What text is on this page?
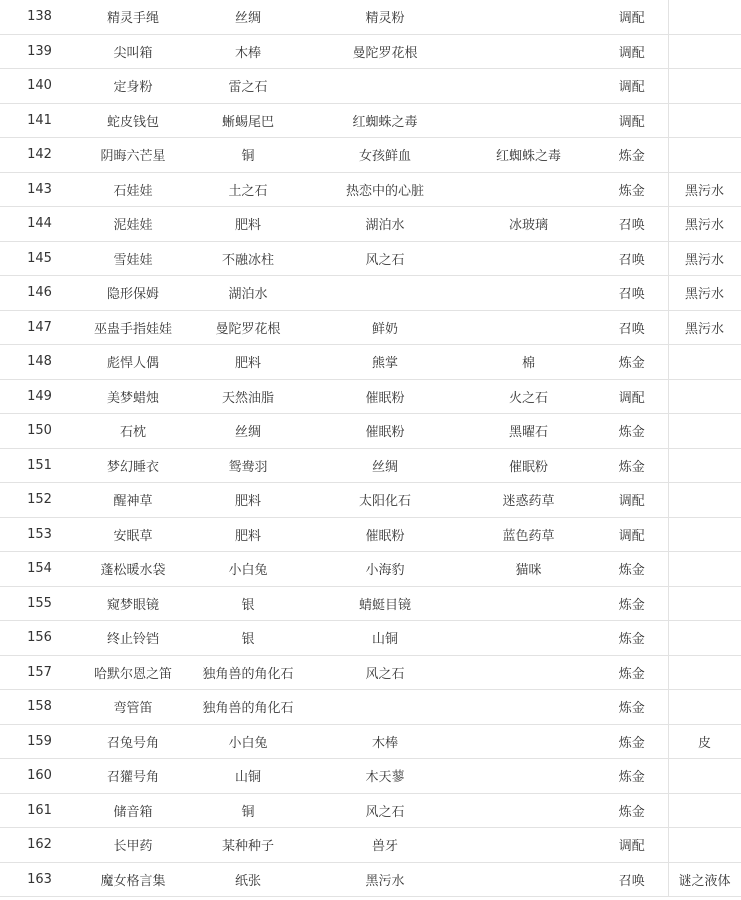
138	精灵手绳	丝绸	精灵粉		调配	
139	尖叫箱	木棒	曼陀罗花根		调配	
140	定身粉	雷之石			调配	
141	蛇皮钱包	蜥蜴尾巴	红蜘蛛之毒		调配	
142	阴晦六芒星	铜	女孩鲜血	红蜘蛛之毒	炼金	
143	石娃娃	土之石	热恋中的心脏		炼金	黑污水
144	泥娃娃	肥料	湖泊水	冰玻璃	召唤	黑污水
145	雪娃娃	不融冰柱	风之石		召唤	黑污水
146	隐形保姆	湖泊水			召唤	黑污水
147	巫蛊手指娃娃	曼陀罗花根	鲜奶		召唤	黑污水
148	彪悍人偶	肥料	熊掌	棉	炼金	
149	美梦蜡烛	天然油脂	催眠粉	火之石	调配	
150	石枕	丝绸	催眠粉	黑曜石	炼金	
151	梦幻睡衣	鸳鸯羽	丝绸	催眠粉	炼金	
152	醒神草	肥料	太阳化石	迷惑药草	调配	
153	安眠草	肥料	催眠粉	蓝色药草	调配	
154	蓬松暖水袋	小白兔	小海豹	猫咪	炼金	
155	窥梦眼镜	银	蜻蜓目镜		炼金	
156	终止铃铛	银	山铜		炼金	
157	哈默尔恩之笛	独角兽的角化石	风之石		炼金	
158	弯管笛	独角兽的角化石			炼金	
159	召兔号角	小白兔	木棒		炼金	皮
160	召獾号角	山铜	木天蓼		炼金	
161	储音箱	铜	风之石		炼金	
162	长甲药	某种种子	兽牙		调配	
163	魔女格言集	纸张	黑污水		召唤	谜之液体
